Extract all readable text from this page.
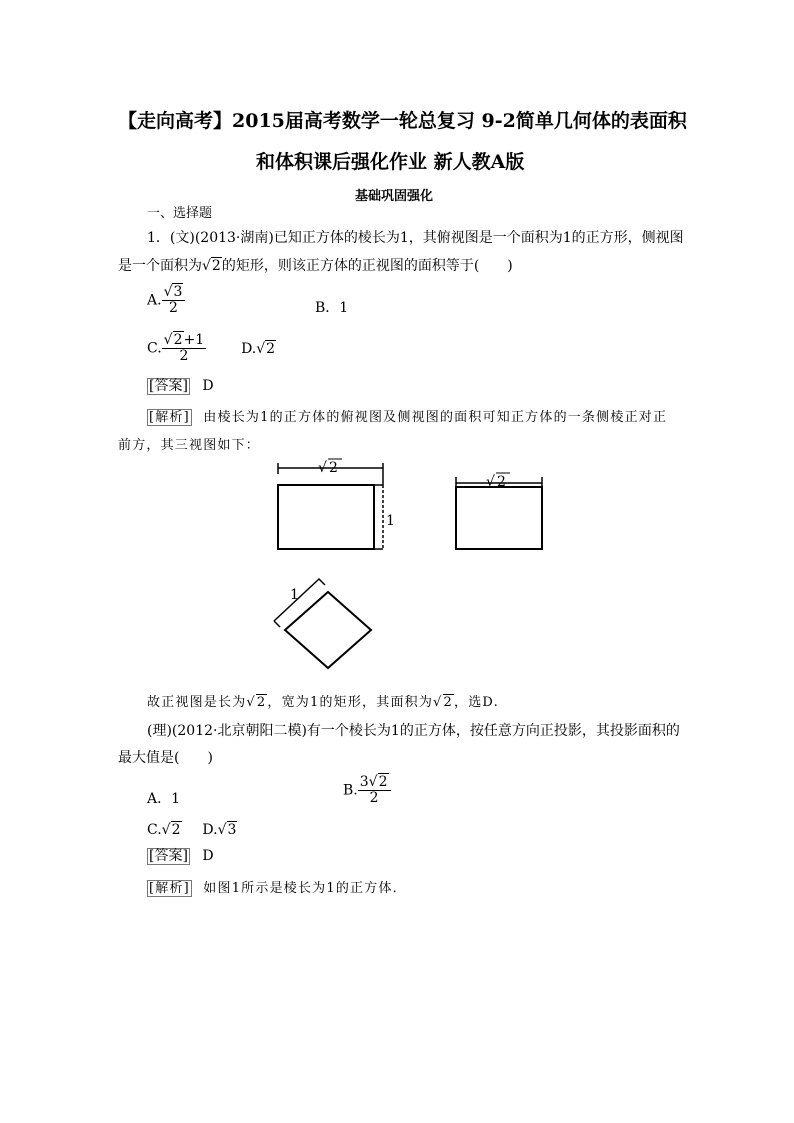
【走向高考】2015届高考数学一轮总复习 9-2简单几何体的表面积
和体积课后强化作业 新人教A版
基础巩固强化
一、选择题
1．(文)(2013·湖南)已知正方体的棱长为1，其俯视图是一个面积为1的正方形，侧视图
是一个面积为√2的矩形，则该正方体的正视图的面积等于(　　)
A. $\frac{√3}{2}$	B．1
C. $\frac{√2+1}{2} D.√2$
[答案] D
[解析] 由棱长为1的正方体的俯视图及侧视图的面积可知正方体的一条侧棱正对正
前方，其三视图如下：
√ 2
1
√ 2
1
故正视图是长为√2，宽为1的矩形，其面积为√2，选D.
(理)(2012·北京朝阳二模)有一个棱长为1的正方体，按任意方向正投影，其投影面积的
最大值是(　　)
A．1
B. $\frac{3√2}{2}$
C.√2 D.√3
[答案] D
[解析] 如图1所示是棱长为1的正方体．
